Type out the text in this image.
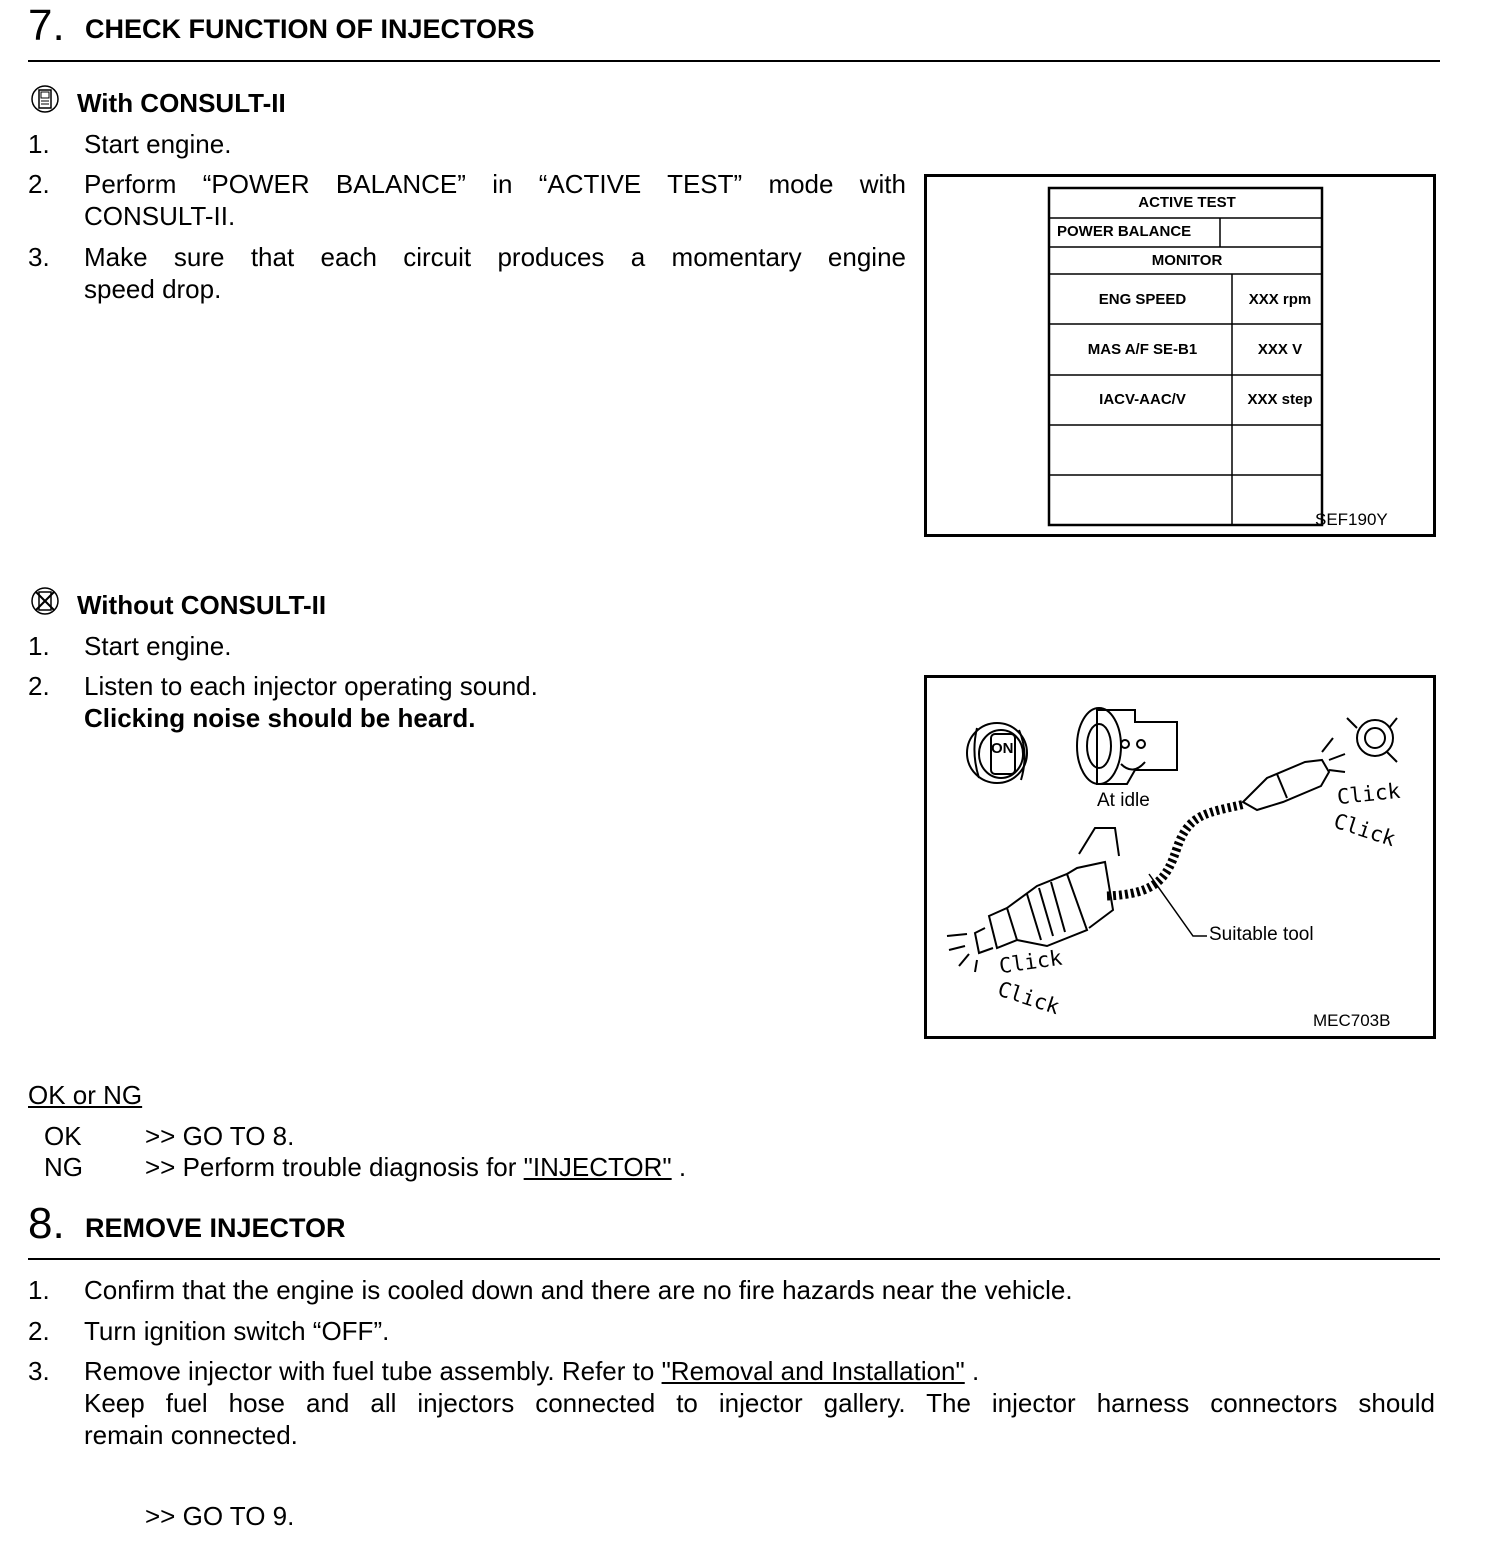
7. CHECK FUNCTION OF INJECTORS
With CONSULT-II
1. Start engine.
2. Perform “POWER BALANCE” in “ACTIVE TEST” mode with
CONSULT-II.
3. Make sure that each circuit produces a momentary engine
speed drop.
ACTIVE TEST
POWER BALANCE
MONITOR
ENG SPEED	XXX rpm
MAS A/F SE-B1	XXX V
IACV-AAC/V	XXX step
SEF190Y
Without CONSULT-II
1. Start engine.
2. Listen to each injector operating sound.
Clicking noise should be heard.
ON
At idle
Suitable tool
Click
Click
Click
Click
MEC703B
OK or NG
OK >> GO TO 8.
NG >> Perform trouble diagnosis for "INJECTOR" .
8. REMOVE INJECTOR
1. Confirm that the engine is cooled down and there are no fire hazards near the vehicle.
2. Turn ignition switch “OFF”.
3. Remove injector with fuel tube assembly. Refer to "Removal and Installation" .
Keep fuel hose and all injectors connected to injector gallery. The injector harness connectors should
remain connected.
>> GO TO 9.
